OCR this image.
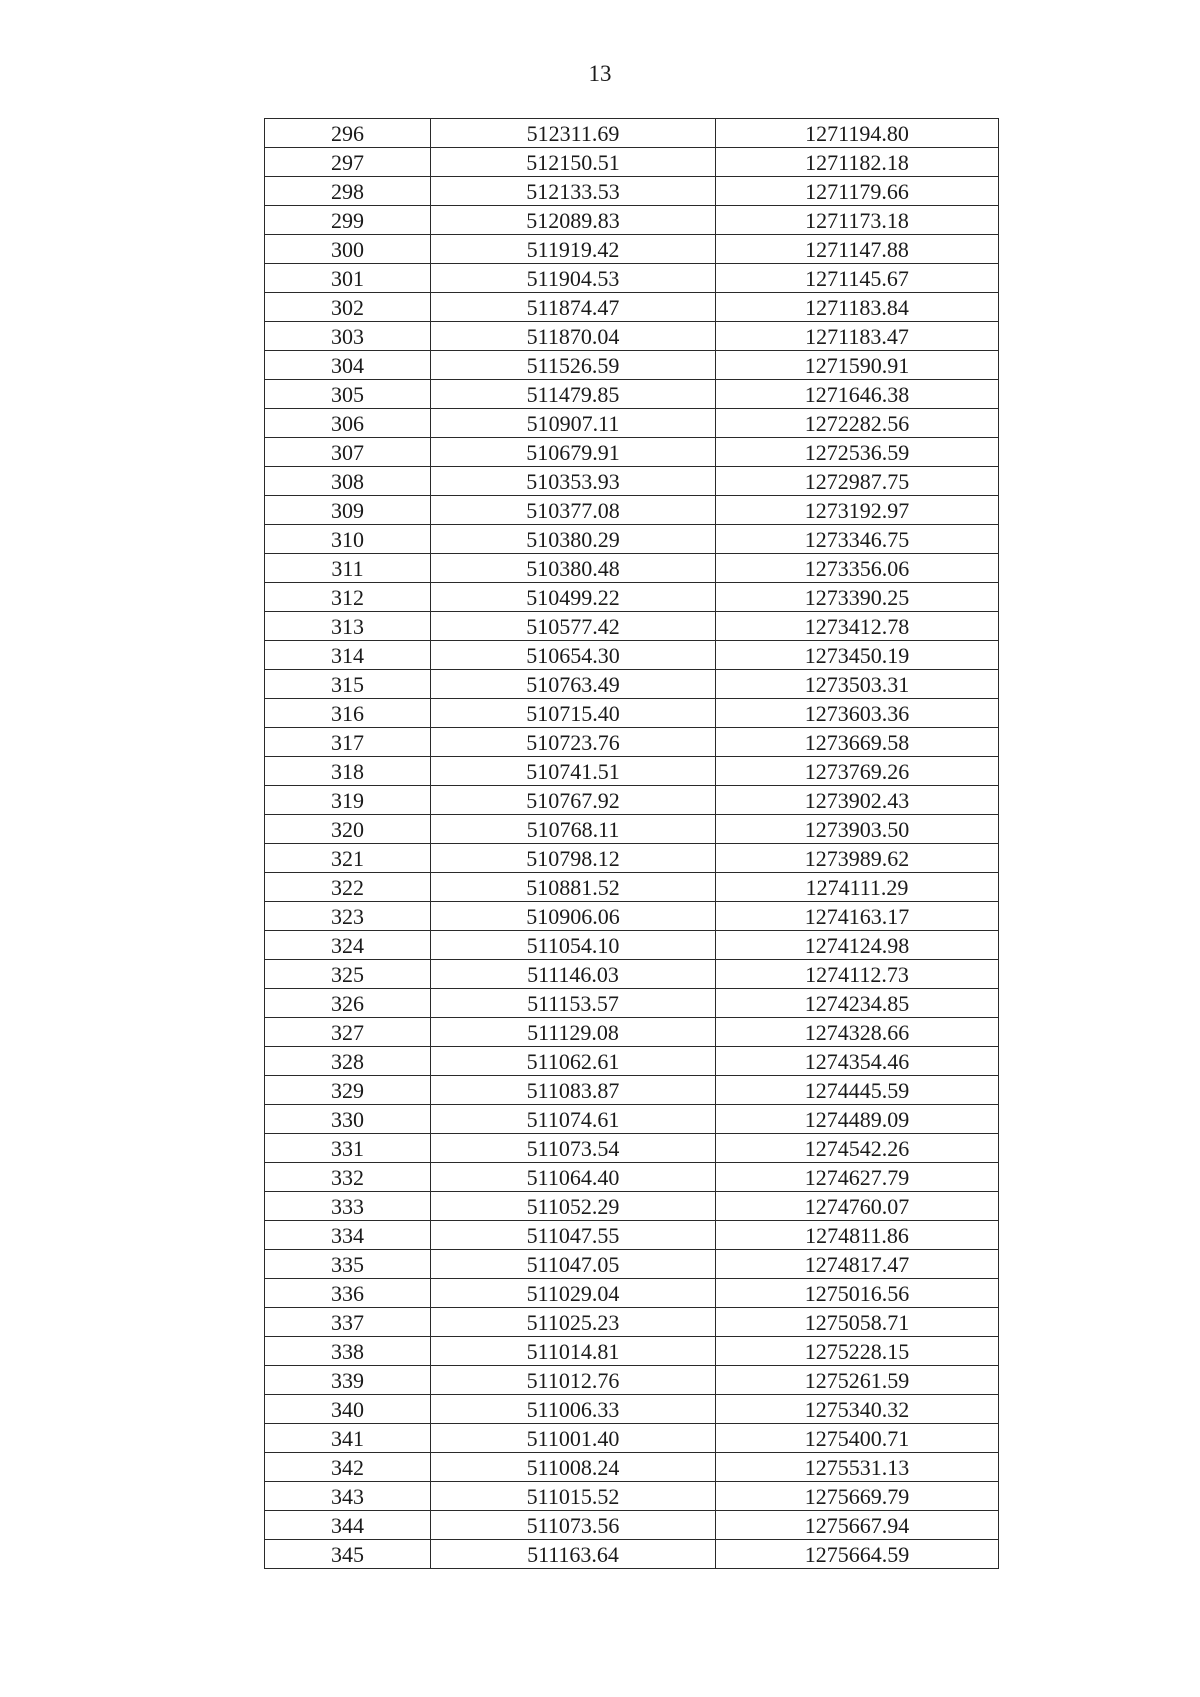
13
296	512311.69	1271194.80
297	512150.51	1271182.18
298	512133.53	1271179.66
299	512089.83	1271173.18
300	511919.42	1271147.88
301	511904.53	1271145.67
302	511874.47	1271183.84
303	511870.04	1271183.47
304	511526.59	1271590.91
305	511479.85	1271646.38
306	510907.11	1272282.56
307	510679.91	1272536.59
308	510353.93	1272987.75
309	510377.08	1273192.97
310	510380.29	1273346.75
311	510380.48	1273356.06
312	510499.22	1273390.25
313	510577.42	1273412.78
314	510654.30	1273450.19
315	510763.49	1273503.31
316	510715.40	1273603.36
317	510723.76	1273669.58
318	510741.51	1273769.26
319	510767.92	1273902.43
320	510768.11	1273903.50
321	510798.12	1273989.62
322	510881.52	1274111.29
323	510906.06	1274163.17
324	511054.10	1274124.98
325	511146.03	1274112.73
326	511153.57	1274234.85
327	511129.08	1274328.66
328	511062.61	1274354.46
329	511083.87	1274445.59
330	511074.61	1274489.09
331	511073.54	1274542.26
332	511064.40	1274627.79
333	511052.29	1274760.07
334	511047.55	1274811.86
335	511047.05	1274817.47
336	511029.04	1275016.56
337	511025.23	1275058.71
338	511014.81	1275228.15
339	511012.76	1275261.59
340	511006.33	1275340.32
341	511001.40	1275400.71
342	511008.24	1275531.13
343	511015.52	1275669.79
344	511073.56	1275667.94
345	511163.64	1275664.59
